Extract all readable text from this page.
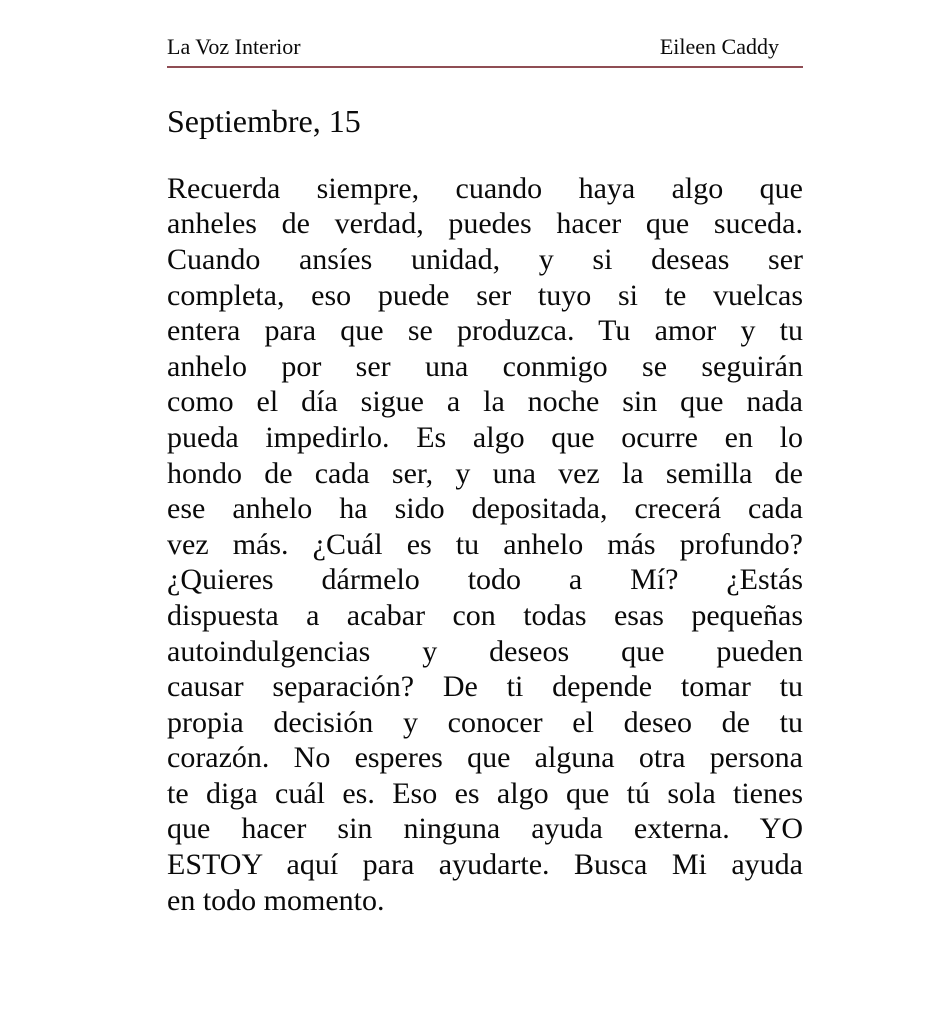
La Voz Interior	Eileen Caddy
Septiembre, 15
Recuerda siempre, cuando haya algo que
anheles de verdad, puedes hacer que suceda.
Cuando ansíes unidad, y si deseas ser
completa, eso puede ser tuyo si te vuelcas
entera para que se produzca. Tu amor y tu
anhelo por ser una conmigo se seguirán
como el día sigue a la noche sin que nada
pueda impedirlo. Es algo que ocurre en lo
hondo de cada ser, y una vez la semilla de
ese anhelo ha sido depositada, crecerá cada
vez más. ¿Cuál es tu anhelo más profundo?
¿Quieres dármelo todo a Mí? ¿Estás
dispuesta a acabar con todas esas pequeñas
autoindulgencias y deseos que pueden
causar separación? De ti depende tomar tu
propia decisión y conocer el deseo de tu
corazón. No esperes que alguna otra persona
te diga cuál es. Eso es algo que tú sola tienes
que hacer sin ninguna ayuda externa. YO
ESTOY aquí para ayudarte. Busca Mi ayuda
en todo momento.
